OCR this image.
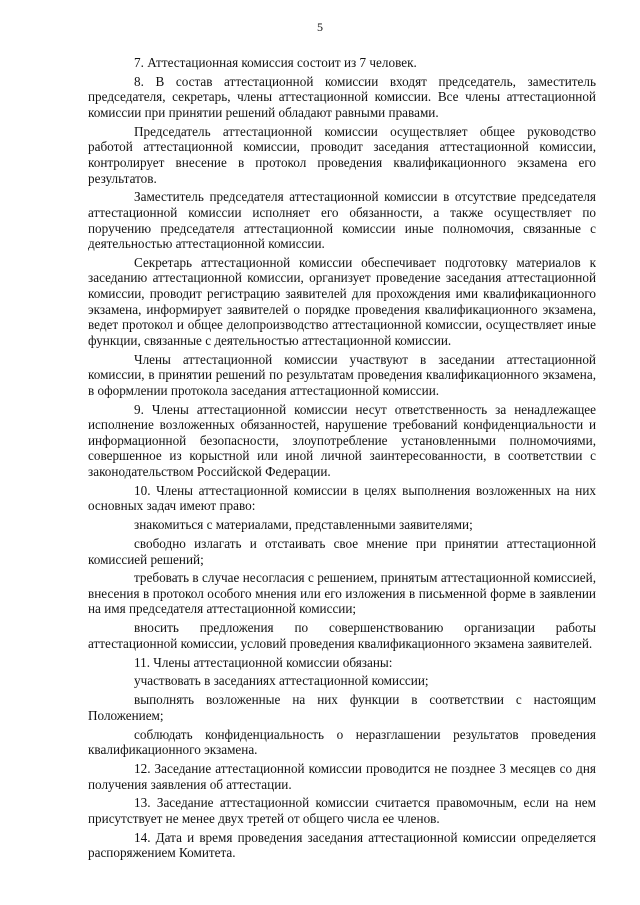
5

7. Аттестационная комиссия состоит из 7 человек.

8. В состав аттестационной комиссии входят председатель, заместитель председателя, секретарь, члены аттестационной комиссии. Все члены аттестационной комиссии при принятии решений обладают равными правами.

Председатель аттестационной комиссии осуществляет общее руководство работой аттестационной комиссии, проводит заседания аттестационной комиссии, контролирует внесение в протокол проведения квалификационного экзамена его результатов.

Заместитель председателя аттестационной комиссии в отсутствие председателя аттестационной комиссии исполняет его обязанности, а также осуществляет по поручению председателя аттестационной комиссии иные полномочия, связанные с деятельностью аттестационной комиссии.

Секретарь аттестационной комиссии обеспечивает подготовку материалов к заседанию аттестационной комиссии, организует проведение заседания аттестационной комиссии, проводит регистрацию заявителей для прохождения ими квалификационного экзамена, информирует заявителей о порядке проведения квалификационного экзамена, ведет протокол и общее делопроизводство аттестационной комиссии, осуществляет иные функции, связанные с деятельностью аттестационной комиссии.

Члены аттестационной комиссии участвуют в заседании аттестационной комиссии, в принятии решений по результатам проведения квалификационного экзамена, в оформлении протокола заседания аттестационной комиссии.

9. Члены аттестационной комиссии несут ответственность за ненадлежащее исполнение возложенных обязанностей, нарушение требований конфиденциальности и информационной безопасности, злоупотребление установленными полномочиями, совершенное из корыстной или иной личной заинтересованности, в соответствии с законодательством Российской Федерации.

10. Члены аттестационной комиссии в целях выполнения возложенных на них основных задач имеют право:

знакомиться с материалами, представленными заявителями;

свободно излагать и отстаивать свое мнение при принятии аттестационной комиссией решений;

требовать в случае несогласия с решением, принятым аттестационной комиссией, внесения в протокол особого мнения или его изложения в письменной форме в заявлении на имя председателя аттестационной комиссии;

вносить предложения по совершенствованию организации работы аттестационной комиссии, условий проведения квалификационного экзамена заявителей.

11. Члены аттестационной комиссии обязаны:

участвовать в заседаниях аттестационной комиссии;

выполнять возложенные на них функции в соответствии с настоящим Положением;

соблюдать конфиденциальность о неразглашении результатов проведения квалификационного экзамена.

12. Заседание аттестационной комиссии проводится не позднее 3 месяцев со дня получения заявления об аттестации.

13. Заседание аттестационной комиссии считается правомочным, если на нем присутствует не менее двух третей от общего числа ее членов.

14. Дата и время проведения заседания аттестационной комиссии определяется распоряжением Комитета.
